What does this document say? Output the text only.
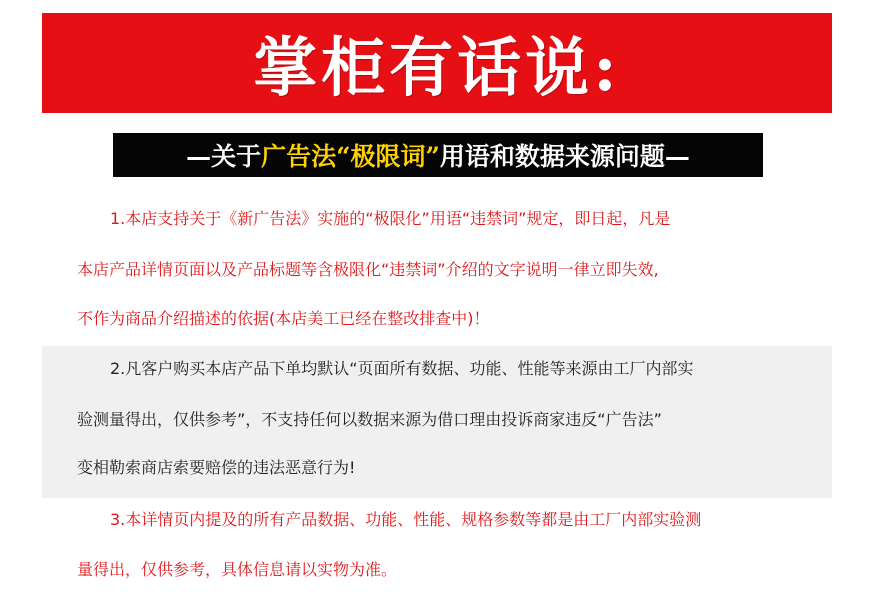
掌柜有话说:
—关于 广告法“极限词” 用语和数据来源问题—
1.本店支持关于《新广告法》实施的“极限化”用语“违禁词”规定，即日起，凡是
本店产品详情页面以及产品标题等含极限化“违禁词”介绍的文字说明一律立即失效,
不作为商品介绍描述的依据(本店美工已经在整改排查中)！
2.凡客户购买本店产品下单均默认“页面所有数据、功能、性能等来源由工厂内部实
验测量得出，仅供参考”，不支持任何以数据来源为借口理由投诉商家违反“广告法”
变相勒索商店索要赔偿的违法恶意行为!
3.本详情页内提及的所有产品数据、功能、性能、规格参数等都是由工厂内部实验测
量得出，仅供参考，具体信息请以实物为准。
